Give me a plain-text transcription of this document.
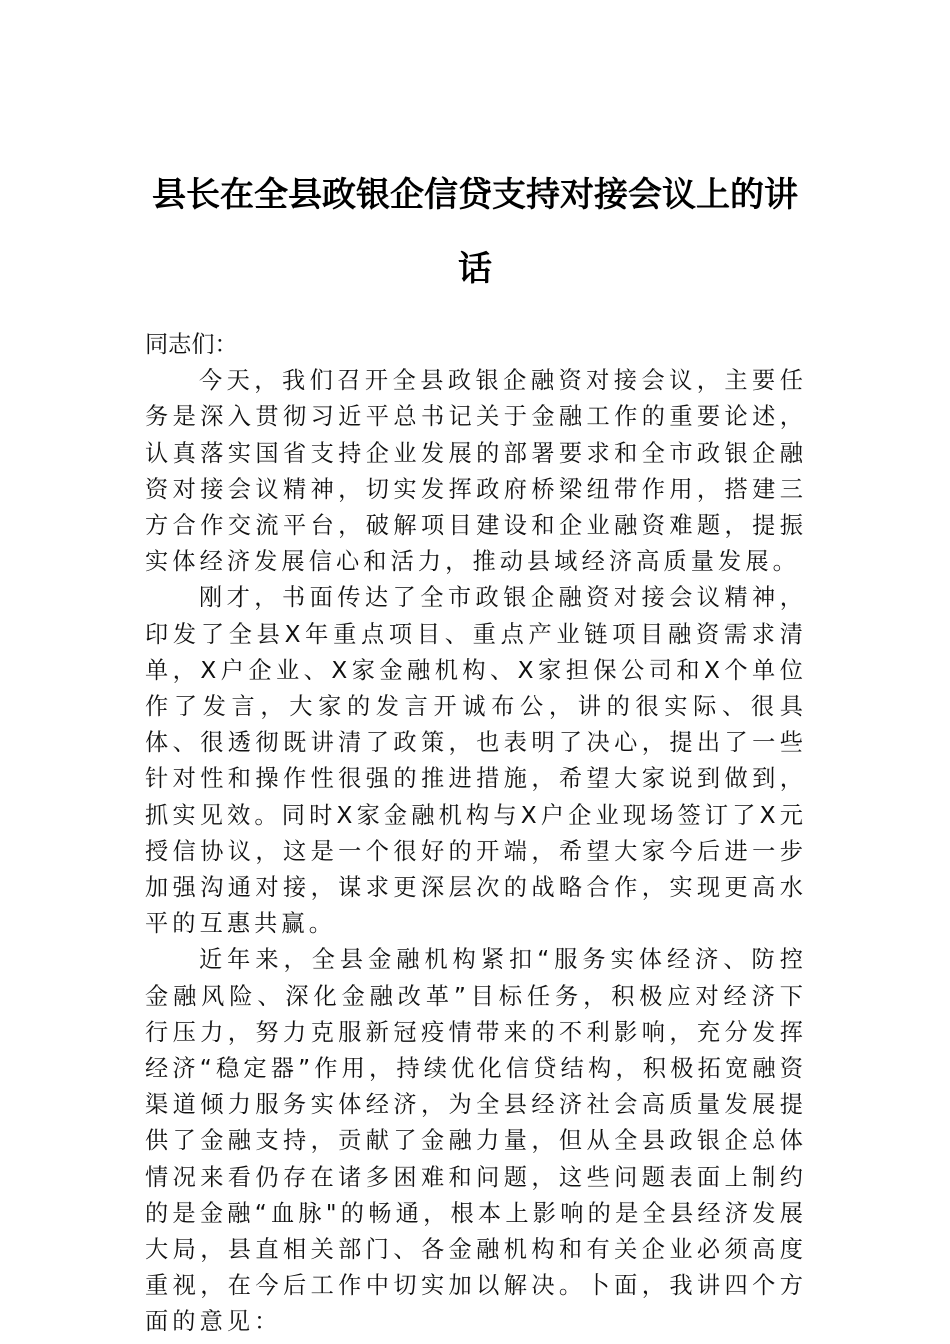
县长在全县政银企信贷支持对接会议上的讲话

同志们：

今天，我们召开全县政银企融资对接会议，主要任务是深入贯彻习近平总书记关于金融工作的重要论述，认真落实国省支持企业发展的部署要求和全市政银企融资对接会议精神，切实发挥政府桥梁纽带作用，搭建三方合作交流平台，破解项目建设和企业融资难题，提振实体经济发展信心和活力，推动县域经济高质量发展。

刚才，书面传达了全市政银企融资对接会议精神，印发了全县X年重点项目、重点产业链项目融资需求清单，X户企业、X家金融机构、X家担保公司和X个单位作了发言，大家的发言开诚布公，讲的很实际、很具体、很透彻既讲清了政策，也表明了决心，提出了一些针对性和操作性很强的推进措施，希望大家说到做到，抓实见效。同时X家金融机构与X户企业现场签订了X元授信协议，这是一个很好的开端，希望大家今后进一步加强沟通对接，谋求更深层次的战略合作，实现更高水平的互惠共赢。

近年来，全县金融机构紧扣“服务实体经济、防控金融风险、深化金融改革”目标任务，积极应对经济下行压力，努力克服新冠疫情带来的不利影响，充分发挥经济“稳定器”作用，持续优化信贷结构，积极拓宽融资渠道倾力服务实体经济，为全县经济社会高质量发展提供了金融支持，贡献了金融力量，但从全县政银企总体情况来看仍存在诸多困难和问题，这些问题表面上制约的是金融“血脉"的畅通，根本上影响的是全县经济发展大局，县直相关部门、各金融机构和有关企业必须高度重视，在今后工作中切实加以解决。卜面，我讲四个方面的意见：
